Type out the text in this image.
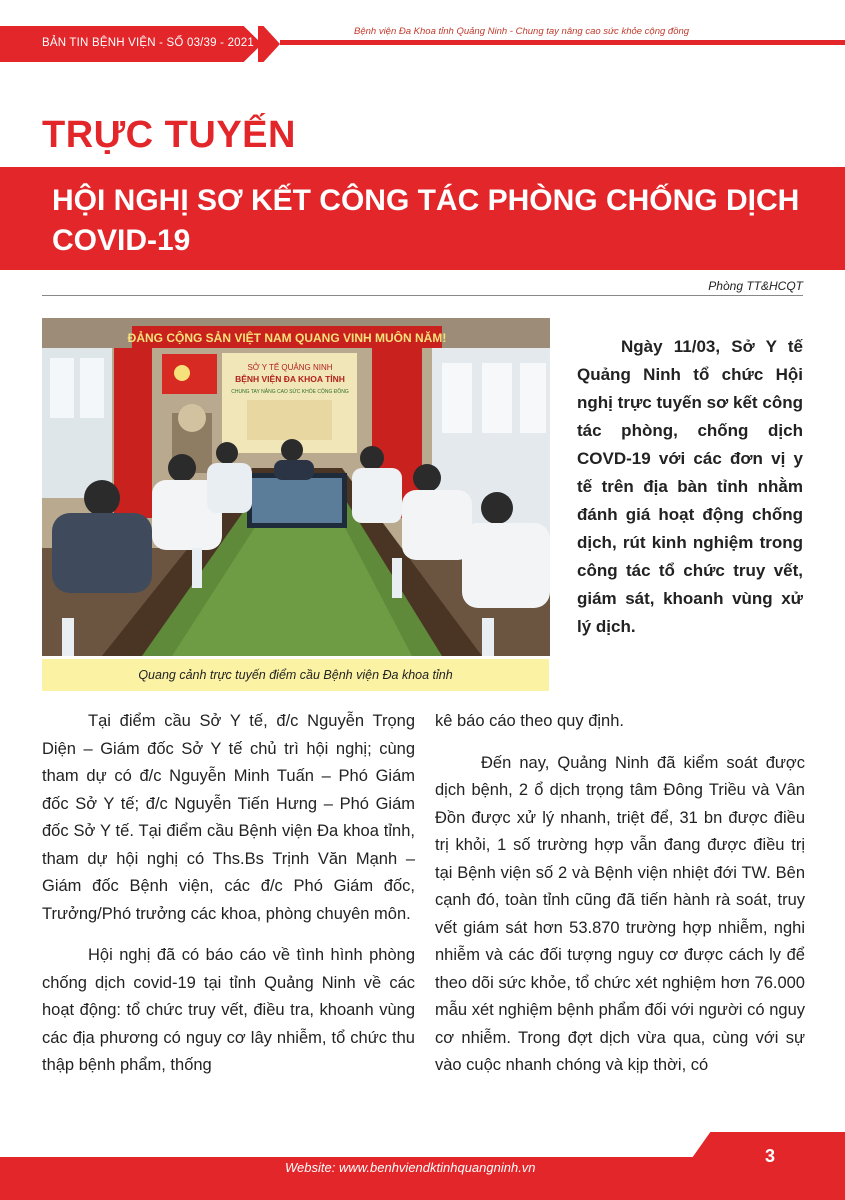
BẢN TIN BỆNH VIỆN - SỐ 03/39 - 2021
Bệnh viện Đa Khoa tỉnh Quảng Ninh - Chung tay nâng cao sức khỏe cộng đồng
TRỰC TUYẾN
HỘI NGHỊ SƠ KẾT CÔNG TÁC PHÒNG CHỐNG DỊCH COVID-19
Phòng TT&HCQT
ĐẢNG CỘNG SẢN VIỆT NAM QUANG VINH MUÔN NĂM!
SỞ Y TẾ QUẢNG NINH
BỆNH VIỆN ĐA KHOA TỈNH
CHUNG TAY NÂNG CAO SỨC KHỎE CỘNG ĐỒNG
Quang cảnh trực tuyến điểm cầu Bệnh viện Đa khoa tỉnh
Ngày 11/03, Sở Y tế Quảng Ninh tổ chức Hội nghị trực tuyến sơ kết công tác phòng, chống dịch COVD-19 với các đơn vị y tế trên địa bàn tỉnh nhằm đánh giá hoạt động chống dịch, rút kinh nghiệm trong công tác tổ chức truy vết, giám sát, khoanh vùng xử lý dịch.

Tại điểm cầu Sở Y tế, đ/c Nguyễn Trọng Diện – Giám đốc Sở Y tế chủ trì hội nghị; cùng tham dự có đ/c Nguyễn Minh Tuấn – Phó Giám đốc Sở Y tế; đ/c Nguyễn Tiến Hưng – Phó Giám đốc Sở Y tế. Tại điểm cầu Bệnh viện Đa khoa tỉnh, tham dự hội nghị có Ths.Bs Trịnh Văn Mạnh – Giám đốc Bệnh viện, các đ/c Phó Giám đốc, Trưởng/Phó trưởng các khoa, phòng chuyên môn.

Hội nghị đã có báo cáo về tình hình phòng chống dịch covid-19 tại tỉnh Quảng Ninh về các hoạt động: tổ chức truy vết, điều tra, khoanh vùng các địa phương có nguy cơ lây nhiễm, tổ chức thu thập bệnh phẩm, thống

kê báo cáo theo quy định.

Đến nay, Quảng Ninh đã kiểm soát được dịch bệnh, 2 ổ dịch trọng tâm Đông Triều và Vân Đồn được xử lý nhanh, triệt để, 31 bn được điều trị khỏi, 1 số trường hợp vẫn đang được điều trị tại Bệnh viện số 2 và Bệnh viện nhiệt đới TW. Bên cạnh đó, toàn tỉnh cũng đã tiến hành rà soát, truy vết giám sát hơn 53.870 trường hợp nhiễm, nghi nhiễm và các đối tượng nguy cơ được cách ly để theo dõi sức khỏe, tổ chức xét nghiệm hơn 76.000 mẫu xét nghiệm bệnh phẩm đối với người có nguy cơ nhiễm. Trong đợt dịch vừa qua, cùng với sự vào cuộc nhanh chóng và kịp thời, có

Website: www.benhviendktinhquangninh.vn
3
